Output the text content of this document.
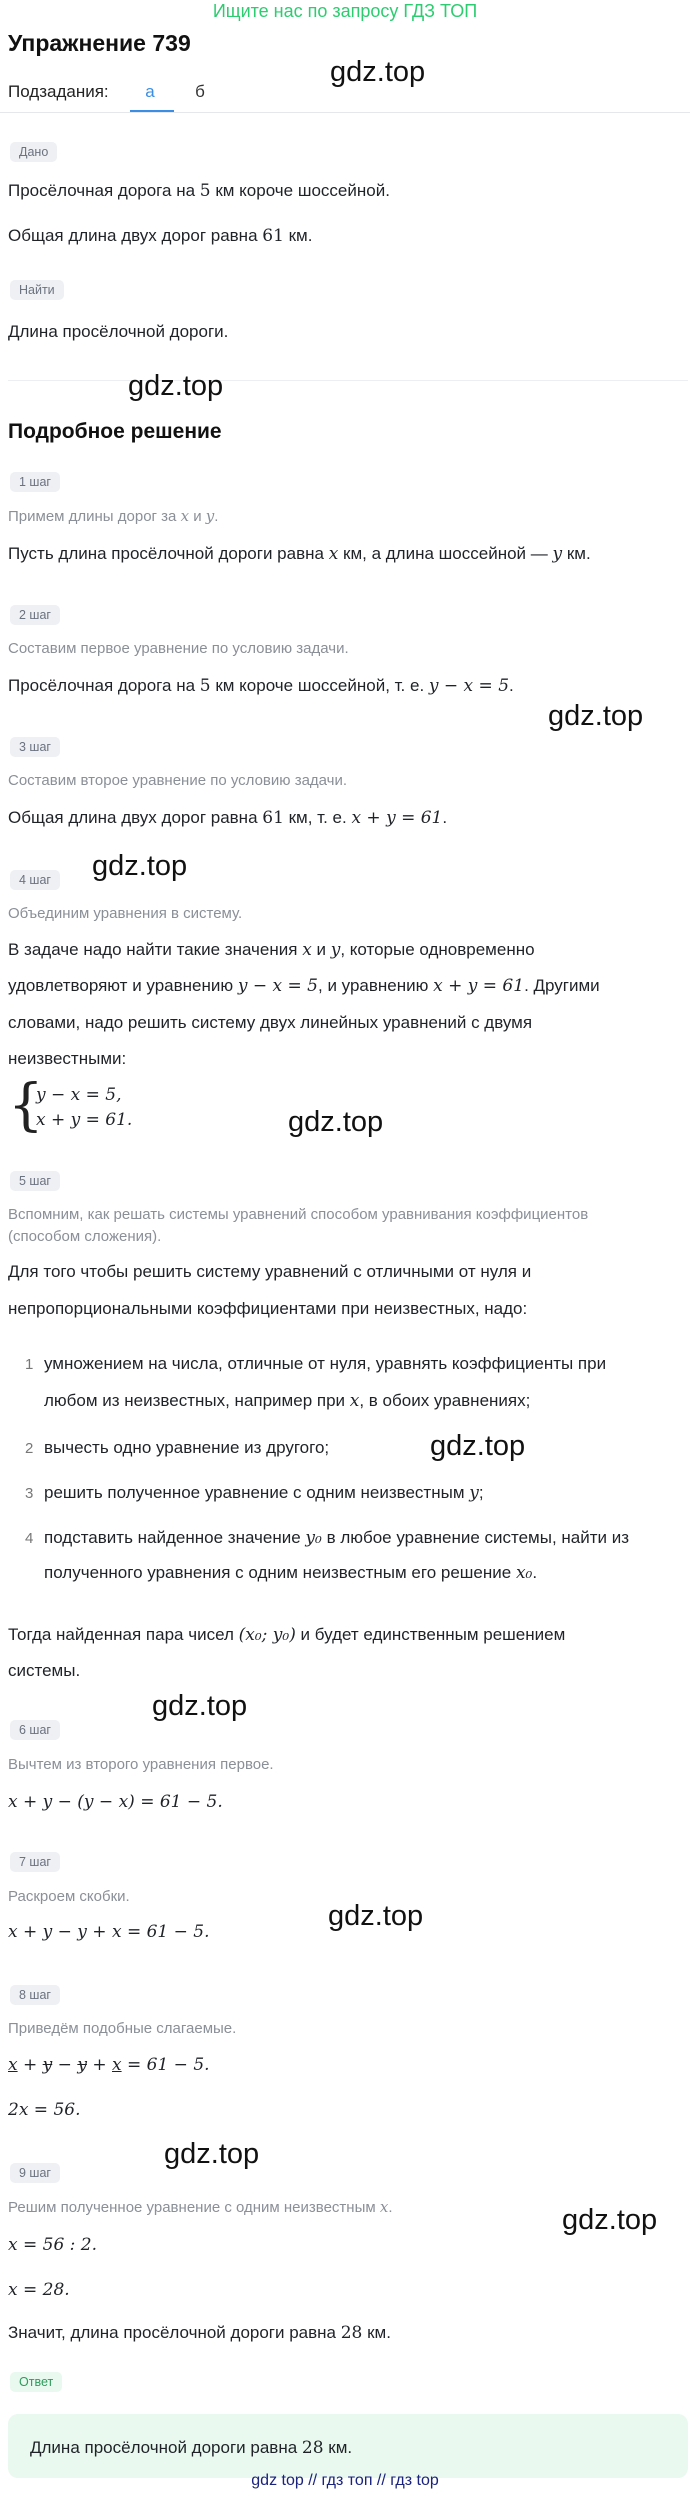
Ищите нас по запросу ГДЗ ТОП
Упражнение 739
Подзадания:	а	б
Дано
Просёлочная дорога на 5 км короче шоссейной.
Общая длина двух дорог равна 61 км.
Найти
Длина просёлочной дороги.
Подробное решение
gdz.top
gdz.top
gdz.top
gdz.top
gdz.top
gdz.top
gdz.top
gdz.top
gdz.top
gdz.top
1 шаг
Примем длины дорог за x и y.
Пусть длина просёлочной дороги равна x км, а длина шоссейной — y км.
2 шаг
Составим первое уравнение по условию задачи.
Просёлочная дорога на 5 км короче шоссейной, т. е. y − x = 5.
3 шаг
Составим второе уравнение по условию задачи.
Общая длина двух дорог равна 61 км, т. е. x + y = 61.
4 шаг
Объединим уравнения в систему.
В задаче надо найти такие значения x и y, которые одновременно
удовлетворяют и уравнению y − x = 5, и уравнению x + y = 61. Другими
словами, надо решить систему двух линейных уравнений с двумя
неизвестными:
{
y − x = 5,
x + y = 61.
5 шаг
Вспомним, как решать системы уравнений способом уравнивания коэффициентов
(способом сложения).
Для того чтобы решить систему уравнений с отличными от нуля и
непропорциональными коэффициентами при неизвестных, надо:
1 умножением на числа, отличные от нуля, уравнять коэффициенты при
любом из неизвестных, например при x, в обоих уравнениях;
2 вычесть одно уравнение из другого;
3 решить полученное уравнение с одним неизвестным y;
4 подставить найденное значение y₀ в любое уравнение системы, найти из
полученного уравнения с одним неизвестным его решение x₀.
Тогда найденная пара чисел (x₀; y₀) и будет единственным решением
системы.
6 шаг
Вычтем из второго уравнения первое.
x + y − (y − x) = 61 − 5.
7 шаг
Раскроем скобки.
x + y − y + x = 61 − 5.
8 шаг
Приведём подобные слагаемые.
x + y − y + x = 61 − 5.
2x = 56.
9 шаг
Решим полученное уравнение с одним неизвестным x.
x = 56 : 2.
x = 28.
Значит, длина просёлочной дороги равна 28 км.
Ответ
Длина просёлочной дороги равна 28 км.
gdz top // гдз топ // гдз top
